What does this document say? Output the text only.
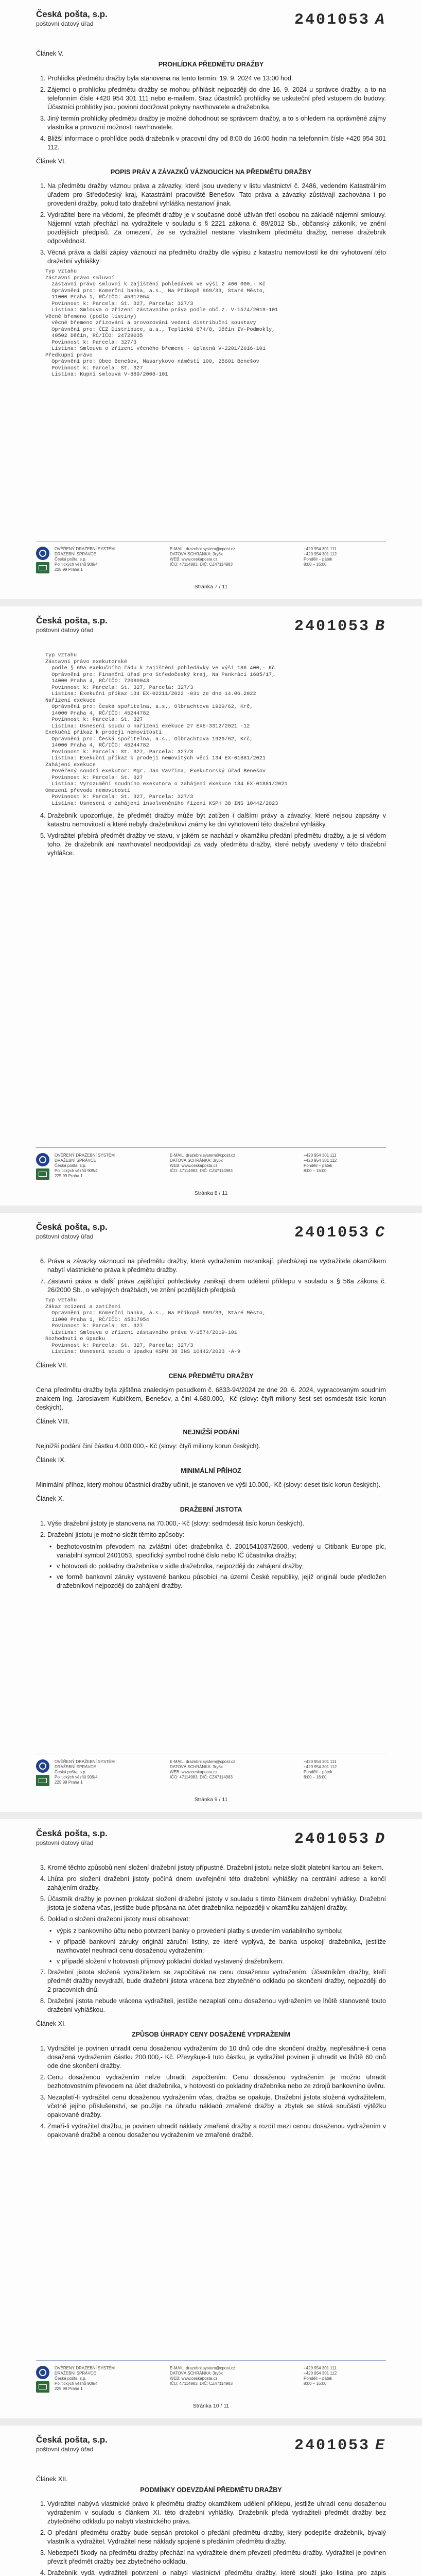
Česká pošta, s.p.
poštovní datový úřad	2401053 A
Článek V.
PROHLÍDKA PŘEDMĚTU DRAŽBY
1. Prohlídka předmětu dražby byla stanovena na tento termín: 19. 9. 2024 ve 13:00 hod.
2. Zájemci o prohlídku předmětu dražby se mohou přihlásit nejpozději do dne 16. 9. 2024 u správce dražby, a to na telefonním čísle +420 954 301 111 nebo e-mailem. Sraz účastníků prohlídky se uskuteční před vstupem do budovy. Účastníci prohlídky jsou povinni dodržovat pokyny navrhovatele a dražebníka.
3. Jiný termín prohlídky předmětu dražby je možné dohodnout se správcem dražby, a to s ohledem na oprávněné zájmy vlastníka a provozní možnosti navrhovatele.
4. Bližší informace o prohlídce podá dražebník v pracovní dny od 8:00 do 16:00 hodin na telefonním čísle +420 954 301 112.
Článek VI.
POPIS PRÁV A ZÁVAZKŮ VÁZNOUCÍCH NA PŘEDMĚTU DRAŽBY
1. Na předmětu dražby váznou práva a závazky, které jsou uvedeny v listu vlastnictví č. 2486, vedeném Katastrálním úřadem pro Středočeský kraj, Katastrální pracoviště Benešov. Tato práva a závazky zůstávají zachována i po provedení dražby, pokud tato dražební vyhláška nestanoví jinak.
2. Vydražitel bere na vědomí, že předmět dražby je v současné době užíván třetí osobou na základě nájemní smlouvy. Nájemní vztah přechází na vydražitele v souladu s § 2221 zákona č. 89/2012 Sb., občanský zákoník, ve znění pozdějších předpisů. Za omezení, že se vydražitel nestane vlastníkem předmětu dražby, nenese dražebník odpovědnost.
3. Věcná práva a další zápisy váznoucí na předmětu dražby dle výpisu z katastru nemovitostí ke dni vyhotovení této dražební vyhlášky:
Typ vztahu
Zástavní právo smluvní
zástavní právo smluvní k zajištění pohledávek ve výši 2 400 000,- Kč
Oprávnění pro: Komerční banka, a.s., Na Příkopě 969/33, Staré Město,
11000 Praha 1, RČ/IČO: 45317054
Povinnost k: Parcela: St. 327, Parcela: 327/3
Listina: Smlouva o zřízení zástavního práva podle obč.z. V-1574/2019-101
Věcné břemeno (podle listiny)
věcné břemeno zřizování a provozování vedení distribuční soustavy
Oprávnění pro: ČEZ Distribuce, a.s., Teplická 874/8, Děčín IV-Podmokly,
40502 Děčín, RČ/IČO: 24729035
Povinnost k: Parcela: 327/3
Listina: Smlouva o zřízení věcného břemene - úplatná V-2201/2016-101
Předkupní právo
Oprávnění pro: Obec Benešov, Masarykovo náměstí 100, 25601 Benešov
Povinnost k: Parcela: St. 327
Listina: Kupní smlouva V-889/2008-101
OVĚŘENÝ DRAŽEBNÍ SYSTÉM
DRAŽEBNÍ SPRÁVCE
Česká pošta, s.p.
Politických vězňů 909/4
225 99 Praha 1
E-MAIL: drazebni.system@cpost.cz
DATOVÁ SCHRÁNKA: 3ry6x
WEB: www.ceskaposta.cz
IČO: 47114983, DIČ: CZ47114983
+420 954 301 111
+420 954 301 112
Pondělí – pátek
8:00 – 16:00
Stránka 7 / 11
Česká pošta, s.p.
poštovní datový úřad	2401053 B
Typ vztahu
Zástavní právo exekutorské
podle § 69a exekučního řádu k zajištění pohledávky ve výši 186 400,- Kč
Oprávnění pro: Finanční úřad pro Středočeský kraj, Na Pankráci 1685/17,
14000 Praha 4, RČ/IČO: 72080043
Povinnost k: Parcela: St. 327, Parcela: 327/3
Listina: Exekuční příkaz 134 EX-02211/2022 -031 ze dne 14.06.2022
Nařízení exekuce
Oprávnění pro: Česká spořitelna, a.s., Olbrachtova 1929/62, Krč,
14000 Praha 4, RČ/IČO: 45244782
Povinnost k: Parcela: St. 327
Listina: Usnesení soudu o nařízení exekuce 27 EXE-3312/2021 -12
Exekuční příkaz k prodeji nemovitosti
Oprávnění pro: Česká spořitelna, a.s., Olbrachtova 1929/62, Krč,
14000 Praha 4, RČ/IČO: 45244782
Povinnost k: Parcela: St. 327, Parcela: 327/3
Listina: Exekuční příkaz k prodeji nemovitých věcí 134 EX-01881/2021
Zahájení exekuce
Pověřený soudní exekutor: Mgr. Jan Vavřina, Exekutorský úřad Benešov
Povinnost k: Parcela: St. 327
Listina: Vyrozumění soudního exekutora o zahájení exekuce 134 EX-01881/2021
Omezení převodu nemovitosti
Povinnost k: Parcela: St. 327, Parcela: 327/3
Listina: Usnesení o zahájení insolvenčního řízení KSPH 38 INS 10442/2023
4. Dražebník upozorňuje, že předmět dražby může být zatížen i dalšími právy a závazky, které nejsou zapsány v katastru nemovitostí a které nebyly dražebníkovi známy ke dni vyhotovení této dražební vyhlášky.
5. Vydražitel přebírá předmět dražby ve stavu, v jakém se nachází v okamžiku předání předmětu dražby, a je si vědom toho, že dražebník ani navrhovatel neodpovídají za vady předmětu dražby, které nebyly uvedeny v této dražební vyhlášce.
OVĚŘENÝ DRAŽEBNÍ SYSTÉM
DRAŽEBNÍ SPRÁVCE
Česká pošta, s.p.
Politických vězňů 909/4
225 99 Praha 1
E-MAIL: drazebni.system@cpost.cz
DATOVÁ SCHRÁNKA: 3ry6x
WEB: www.ceskaposta.cz
IČO: 47114983, DIČ: CZ47114983
+420 954 301 111
+420 954 301 112
Pondělí – pátek
8:00 – 16:00
Stránka 8 / 11
Česká pošta, s.p.
poštovní datový úřad	2401053 C
6. Práva a závazky váznoucí na předmětu dražby, které vydražením nezanikají, přecházejí na vydražitele okamžikem nabytí vlastnického práva k předmětu dražby.
7. Zástavní práva a další práva zajišťující pohledávky zanikají dnem udělení příklepu v souladu s § 56a zákona č. 26/2000 Sb., o veřejných dražbách, ve znění pozdějších předpisů.
Typ vztahu
Zákaz zcizení a zatížení
Oprávnění pro: Komerční banka, a.s., Na Příkopě 969/33, Staré Město,
11000 Praha 1, RČ/IČO: 45317054
Povinnost k: Parcela: St. 327
Listina: Smlouva o zřízení zástavního práva V-1574/2019-101
Rozhodnutí o úpadku
Povinnost k: Parcela: St. 327, Parcela: 327/3
Listina: Usnesení soudu o úpadku KSPH 38 INS 10442/2023 -A-9
Článek VII.
CENA PŘEDMĚTU DRAŽBY

Cena předmětu dražby byla zjištěna znaleckým posudkem č. 6833-94/2024 ze dne 20. 6. 2024, vypracovaným soudním znalcem Ing. Jaroslavem Kubíčkem, Benešov, a činí 4.680.000,- Kč (slovy: čtyři miliony šest set osmdesát tisíc korun českých).

Článek VIII.
NEJNIŽŠÍ PODÁNÍ

Nejnižší podání činí částku 4.000.000,- Kč (slovy: čtyři miliony korun českých).

Článek IX.
MINIMÁLNÍ PŘÍHOZ

Minimální příhoz, který mohou účastníci dražby učinit, je stanoven ve výši 10.000,- Kč (slovy: deset tisíc korun českých).

Článek X.
DRAŽEBNÍ JISTOTA
1. Výše dražební jistoty je stanovena na 70.000,- Kč (slovy: sedmdesát tisíc korun českých).
2. Dražební jistotu je možno složit těmito způsoby:
• bezhotovostním převodem na zvláštní účet dražebníka č. 2001541037/2600, vedený u Citibank Europe plc, variabilní symbol 2401053, specifický symbol rodné číslo nebo IČ účastníka dražby;
• v hotovosti do pokladny dražebníka v sídle dražebníka, nejpozději do zahájení dražby;
• ve formě bankovní záruky vystavené bankou působící na území České republiky, jejíž originál bude předložen dražebníkovi nejpozději do zahájení dražby.
OVĚŘENÝ DRAŽEBNÍ SYSTÉM
DRAŽEBNÍ SPRÁVCE
Česká pošta, s.p.
Politických vězňů 909/4
225 99 Praha 1
E-MAIL: drazebni.system@cpost.cz
DATOVÁ SCHRÁNKA: 3ry6x
WEB: www.ceskaposta.cz
IČO: 47114983, DIČ: CZ47114983
+420 954 301 111
+420 954 301 112
Pondělí – pátek
8:00 – 16:00
Stránka 9 / 11
Česká pošta, s.p.
poštovní datový úřad	2401053 D
3. Kromě těchto způsobů není složení dražební jistoty přípustné. Dražební jistotu nelze složit platební kartou ani šekem.
4. Lhůta pro složení dražební jistoty počíná dnem uveřejnění této dražební vyhlášky na centrální adrese a končí zahájením dražby.
5. Účastník dražby je povinen prokázat složení dražební jistoty v souladu s tímto článkem dražební vyhlášky. Dražební jistota je složena včas, jestliže bude připsána na účet dražebníka nejpozději v okamžiku zahájení dražby.
6. Doklad o složení dražební jistoty musí obsahovat:
• výpis z bankovního účtu nebo potvrzení banky o provedení platby s uvedením variabilního symbolu;
• v případě bankovní záruky originál záruční listiny, ze které vyplývá, že banka uspokojí dražebníka, jestliže navrhovatel neuhradí cenu dosaženou vydražením;
• v případě složení v hotovosti příjmový pokladní doklad vystavený dražebníkem.
7. Dražební jistota složená vydražitelem se započítává na cenu dosaženou vydražením. Účastníkům dražby, kteří předmět dražby nevydraží, bude dražební jistota vrácena bez zbytečného odkladu po skončení dražby, nejpozději do 2 pracovních dnů.
8. Dražební jistota nebude vrácena vydražiteli, jestliže nezaplatí cenu dosaženou vydražením ve lhůtě stanovené touto dražební vyhláškou.
Článek XI.
ZPŮSOB ÚHRADY CENY DOSAŽENÉ VYDRAŽENÍM
1. Vydražitel je povinen uhradit cenu dosaženou vydražením do 10 dnů ode dne skončení dražby, nepřesáhne-li cena dosažená vydražením částku 200.000,- Kč. Převyšuje-li tuto částku, je vydražitel povinen ji uhradit ve lhůtě 60 dnů ode dne skončení dražby.
2. Cenu dosaženou vydražením nelze uhradit započtením. Cenu dosaženou vydražením je možno uhradit bezhotovostním převodem na účet dražebníka, v hotovosti do pokladny dražebníka nebo ze zdrojů bankovního úvěru.
3. Nezaplatí-li vydražitel cenu dosaženou vydražením včas, dražba se opakuje. Dražební jistota složená vydražitelem, včetně jejího příslušenství, se použije na úhradu nákladů zmařené dražby a zbytek se stává součástí výtěžku opakované dražby.
4. Zmaří-li vydražitel dražbu, je povinen uhradit náklady zmařené dražby a rozdíl mezi cenou dosaženou vydražením v opakované dražbě a cenou dosaženou vydražením ve zmařené dražbě.
OVĚŘENÝ DRAŽEBNÍ SYSTÉM
DRAŽEBNÍ SPRÁVCE
Česká pošta, s.p.
Politických vězňů 909/4
225 99 Praha 1
E-MAIL: drazebni.system@cpost.cz
DATOVÁ SCHRÁNKA: 3ry6x
WEB: www.ceskaposta.cz
IČO: 47114983, DIČ: CZ47114983
+420 954 301 111
+420 954 301 112
Pondělí – pátek
8:00 – 16:00
Stránka 10 / 11
Česká pošta, s.p.
poštovní datový úřad	2401053 E
Článek XII.
PODMÍNKY ODEVZDÁNÍ PŘEDMĚTU DRAŽBY
1. Vydražitel nabývá vlastnické právo k předmětu dražby okamžikem udělení příklepu, jestliže uhradí cenu dosaženou vydražením v souladu s článkem XI. této dražební vyhlášky. Dražebník předá vydražiteli předmět dražby bez zbytečného odkladu po nabytí vlastnického práva.
2. O předání předmětu dražby bude sepsán protokol o předání předmětu dražby, který podepíše dražebník, bývalý vlastník a vydražitel. Vydražitel nese náklady spojené s předáním předmětu dražby.
3. Nebezpečí škody na předmětu dražby přechází na vydražitele dnem převzetí předmětu dražby. Vydražitel je povinen převzít předmět dražby bez zbytečného odkladu.
4. Dražebník vydá vydražiteli potvrzení o nabytí vlastnictví předmětu dražby, které slouží jako listina pro zápis
